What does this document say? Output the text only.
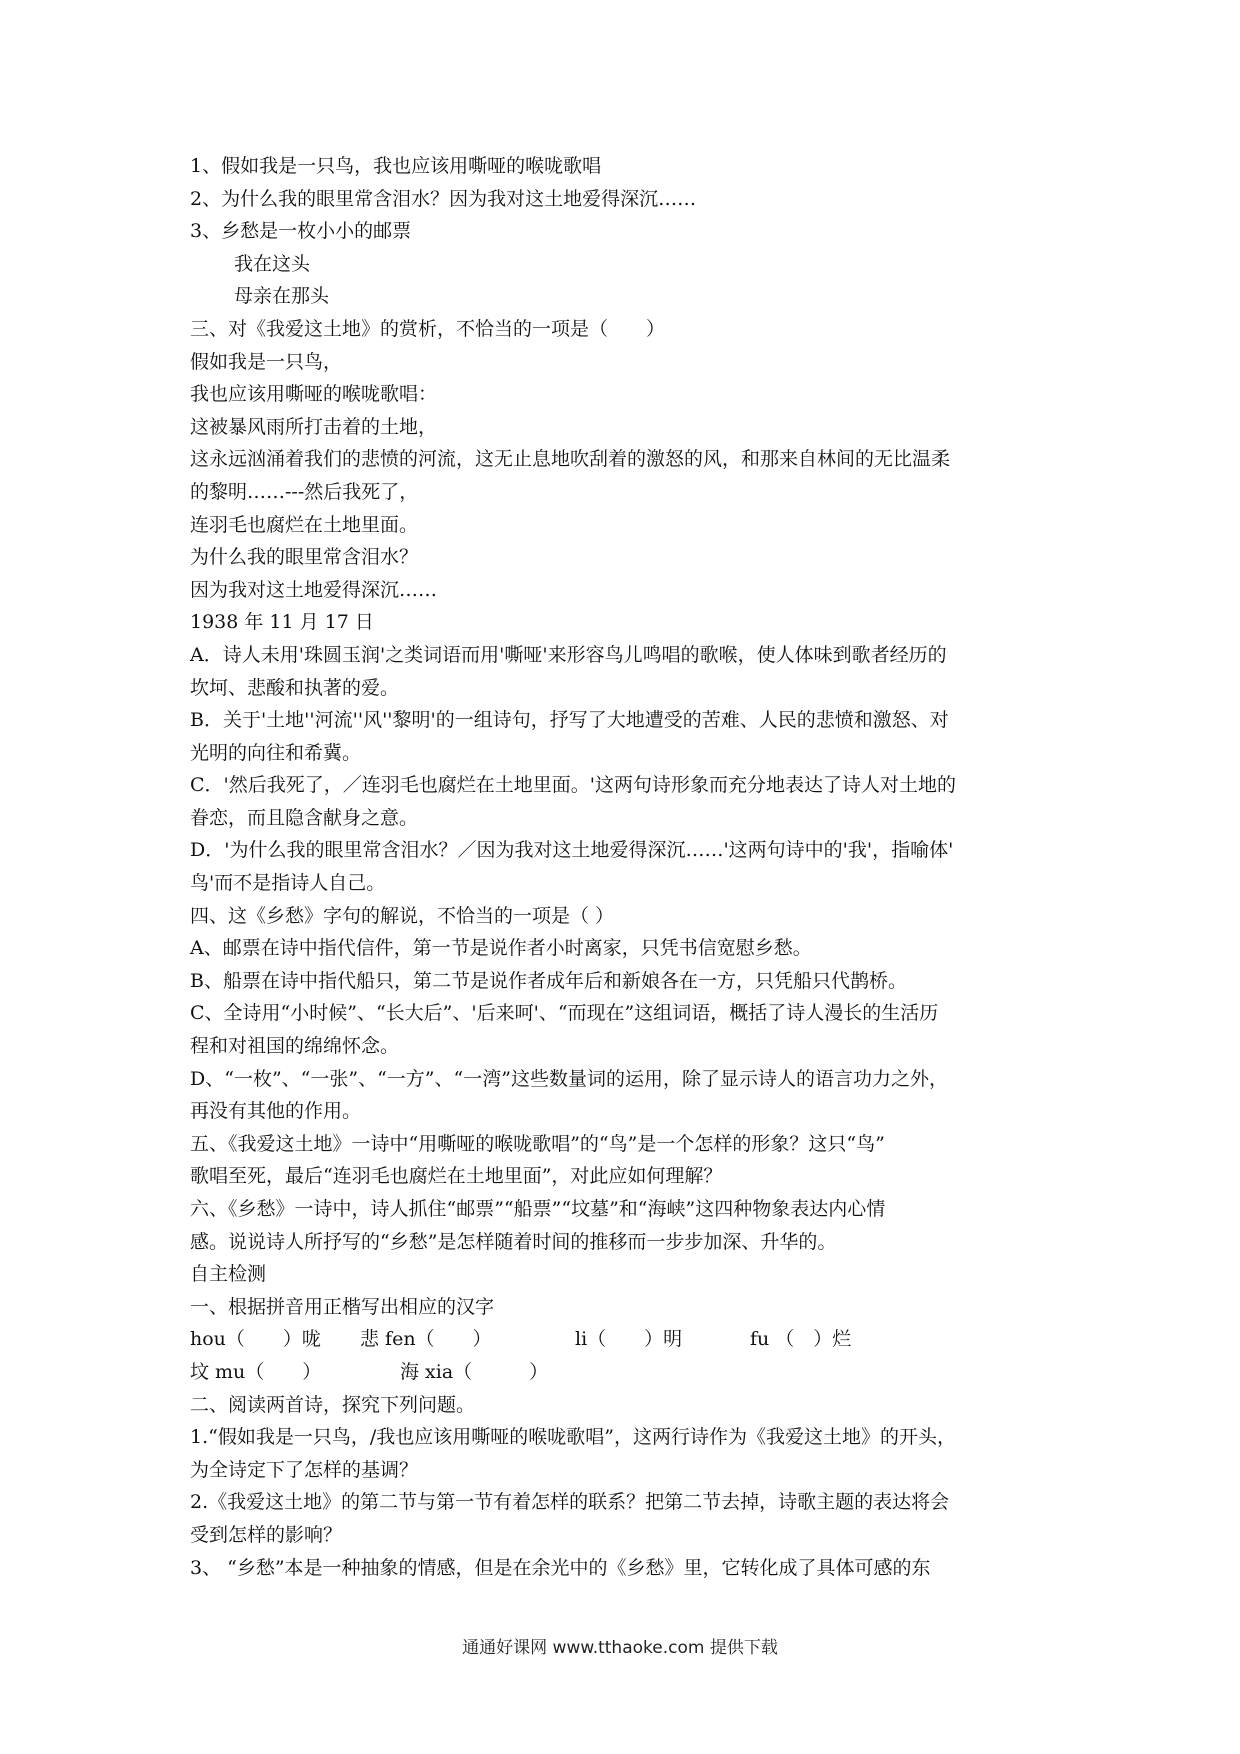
1、假如我是一只鸟，我也应该用嘶哑的喉咙歌唱

2、为什么我的眼里常含泪水？因为我对这土地爱得深沉……

3、乡愁是一枚小小的邮票

我在这头

母亲在那头

三、对《我爱这土地》的赏析，不恰当的一项是（　　）

假如我是一只鸟，

我也应该用嘶哑的喉咙歌唱：

这被暴风雨所打击着的土地，

这永远汹涌着我们的悲愤的河流，这无止息地吹刮着的激怒的风，和那来自林间的无比温柔

的黎明……---然后我死了，

连羽毛也腐烂在土地里面。

为什么我的眼里常含泪水？

因为我对这土地爱得深沉……

1938 年 11 月 17 日

A．诗人未用'珠圆玉润'之类词语而用'嘶哑'来形容鸟儿鸣唱的歌喉，使人体味到歌者经历的

坎坷、悲酸和执著的爱。

B．关于'土地''河流''风''黎明'的一组诗句，抒写了大地遭受的苦难、人民的悲愤和激怒、对

光明的向往和希冀。

C．'然后我死了，／连羽毛也腐烂在土地里面。'这两句诗形象而充分地表达了诗人对土地的

眷恋，而且隐含献身之意。

D．'为什么我的眼里常含泪水？／因为我对这土地爱得深沉……'这两句诗中的'我'，指喻体'

鸟'而不是指诗人自己。

四、这《乡愁》字句的解说，不恰当的一项是（ ）

A、邮票在诗中指代信件，第一节是说作者小时离家，只凭书信宽慰乡愁。

B、船票在诗中指代船只，第二节是说作者成年后和新娘各在一方，只凭船只代鹊桥。

C、全诗用“小时候”、“长大后”、'后来呵'、“而现在”这组词语，概括了诗人漫长的生活历

程和对祖国的绵绵怀念。

D、“一枚”、“一张”、“一方”、“一湾”这些数量词的运用，除了显示诗人的语言功力之外，

再没有其他的作用。

五、《我爱这土地》一诗中“用嘶哑的喉咙歌唱”的“鸟”是一个怎样的形象？这只“鸟”

歌唱至死，最后“连羽毛也腐烂在土地里面”，对此应如何理解？

六、《乡愁》一诗中，诗人抓住“邮票”“船票”“坟墓”和“海峡”这四种物象表达内心情

感。说说诗人所抒写的“乡愁”是怎样随着时间的推移而一步步加深、升华的。

自主检测

一、根据拼音用正楷写出相应的汉字

hou（　　）咙 悲 fen（　　）	li（　　）明	fu （　）烂
坟 mu（　　）	海 xia（　　　）

二、阅读两首诗，探究下列问题。

1.“假如我是一只鸟，/我也应该用嘶哑的喉咙歌唱”，这两行诗作为《我爱这土地》的开头，

为全诗定下了怎样的基调？

2.《我爱这土地》的第二节与第一节有着怎样的联系？把第二节去掉，诗歌主题的表达将会

受到怎样的影响？

3、 “乡愁”本是一种抽象的情感，但是在余光中的《乡愁》里，它转化成了具体可感的东

通通好课网 www.tthaoke.com 提供下载
